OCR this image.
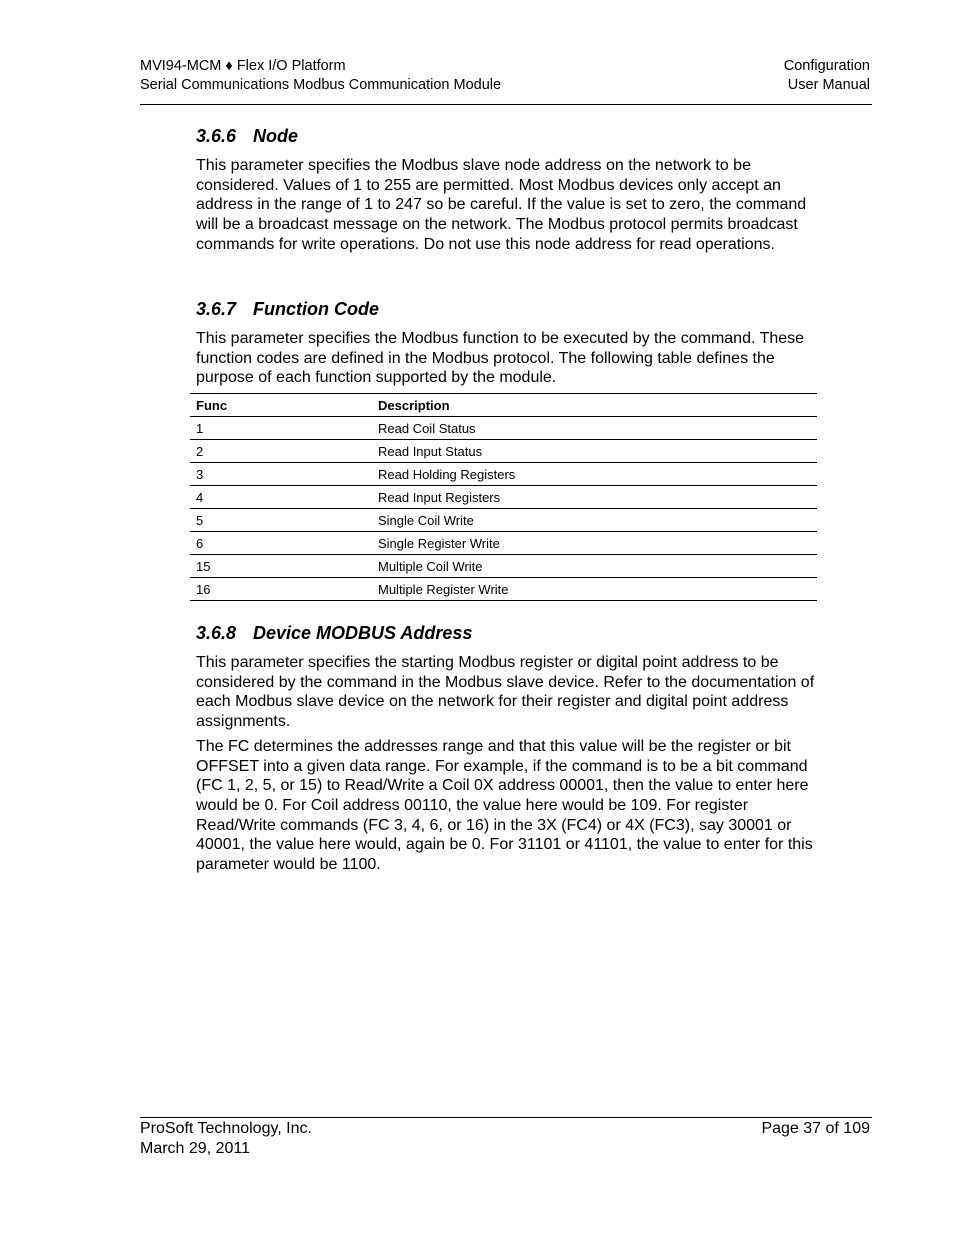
MVI94-MCM ♦ Flex I/O Platform	Configuration
Serial Communications Modbus Communication Module	User Manual
3.6.6 Node

This parameter specifies the Modbus slave node address on the network to be considered. Values of 1 to 255 are permitted. Most Modbus devices only accept an address in the range of 1 to 247 so be careful. If the value is set to zero, the command will be a broadcast message on the network. The Modbus protocol permits broadcast commands for write operations. Do not use this node address for read operations.

3.6.7 Function Code

This parameter specifies the Modbus function to be executed by the command. These function codes are defined in the Modbus protocol. The following table defines the purpose of each function supported by the module.

Func	Description
1	Read Coil Status
2	Read Input Status
3	Read Holding Registers
4	Read Input Registers
5	Single Coil Write
6	Single Register Write
15	Multiple Coil Write
16	Multiple Register Write
3.6.8 Device MODBUS Address

This parameter specifies the starting Modbus register or digital point address to be considered by the command in the Modbus slave device. Refer to the documentation of each Modbus slave device on the network for their register and digital point address assignments.

The FC determines the addresses range and that this value will be the register or bit OFFSET into a given data range. For example, if the command is to be a bit command (FC 1, 2, 5, or 15) to Read/Write a Coil 0X address 00001, then the value to enter here would be 0. For Coil address 00110, the value here would be 109. For register Read/Write commands (FC 3, 4, 6, or 16) in the 3X (FC4) or 4X (FC3), say 30001 or 40001, the value here would, again be 0. For 31101 or 41101, the value to enter for this parameter would be 1100.

ProSoft Technology, Inc.	Page 37 of 109
March 29, 2011
